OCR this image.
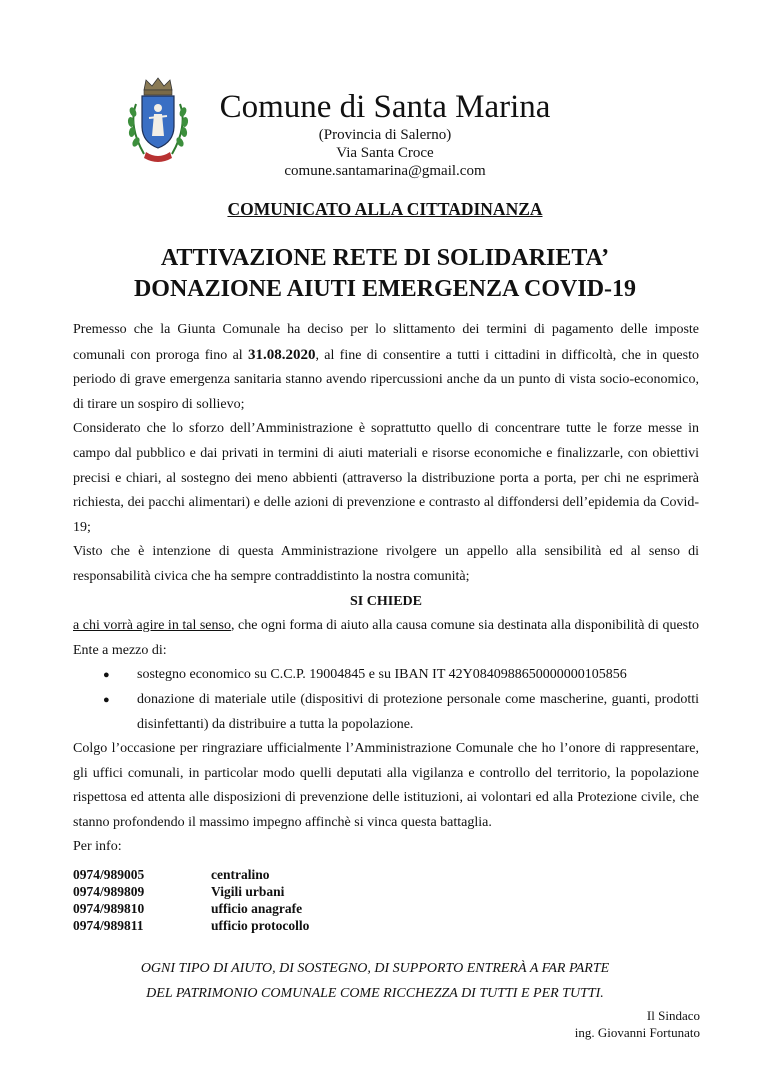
Comune di Santa Marina
(Provincia di Salerno)
Via Santa Croce
comune.santamarina@gmail.com
COMUNICATO ALLA CITTADINANZA
ATTIVAZIONE RETE DI SOLIDARIETA’
DONAZIONE AIUTI EMERGENZA COVID-19

Premesso che la Giunta Comunale ha deciso per lo slittamento dei termini di pagamento delle imposte comunali con proroga fino al 31.08.2020, al fine di consentire a tutti i cittadini in difficoltà, che in questo periodo di grave emergenza sanitaria stanno avendo ripercussioni anche da un punto di vista socio-economico, di tirare un sospiro di sollievo;

Considerato che lo sforzo dell’Amministrazione è soprattutto quello di concentrare tutte le forze messe in campo dal pubblico e dai privati in termini di aiuti materiali e risorse economiche e finalizzarle, con obiettivi precisi e chiari, al sostegno dei meno abbienti (attraverso la distribuzione porta a porta, per chi ne esprimerà richiesta, dei pacchi alimentari) e delle azioni di prevenzione e contrasto al diffondersi dell’epidemia da Covid-19;

Visto che è intenzione di questa Amministrazione rivolgere un appello alla sensibilità ed al senso di responsabilità civica che ha sempre contraddistinto la nostra comunità;

SI CHIEDE

a chi vorrà agire in tal senso, che ogni forma di aiuto alla causa comune sia destinata alla disponibilità di questo Ente a mezzo di:

●	sostegno economico su C.C.P. 19004845 e su IBAN IT 42Y0840988650000000105856
●	donazione di materiale utile (dispositivi di protezione personale come mascherine, guanti, prodotti disinfettanti) da distribuire a tutta la popolazione.

Colgo l’occasione per ringraziare ufficialmente l’Amministrazione Comunale che ho l’onore di rappresentare, gli uffici comunali, in particolar modo quelli deputati alla vigilanza e controllo del territorio, la popolazione rispettosa ed attenta alle disposizioni di prevenzione delle istituzioni, ai volontari ed alla Protezione civile, che stanno profondendo il massimo impegno affinchè si vinca questa battaglia.

Per info:

0974/989005	centralino
0974/989809	Vigili urbani
0974/989810	ufficio anagrafe
0974/989811	ufficio protocollo
OGNI TIPO DI AIUTO, DI SOSTEGNO, DI SUPPORTO ENTRERÀ A FAR PARTE
DEL PATRIMONIO COMUNALE COME RICCHEZZA DI TUTTI E PER TUTTI.
Il Sindaco
ing. Giovanni Fortunato
